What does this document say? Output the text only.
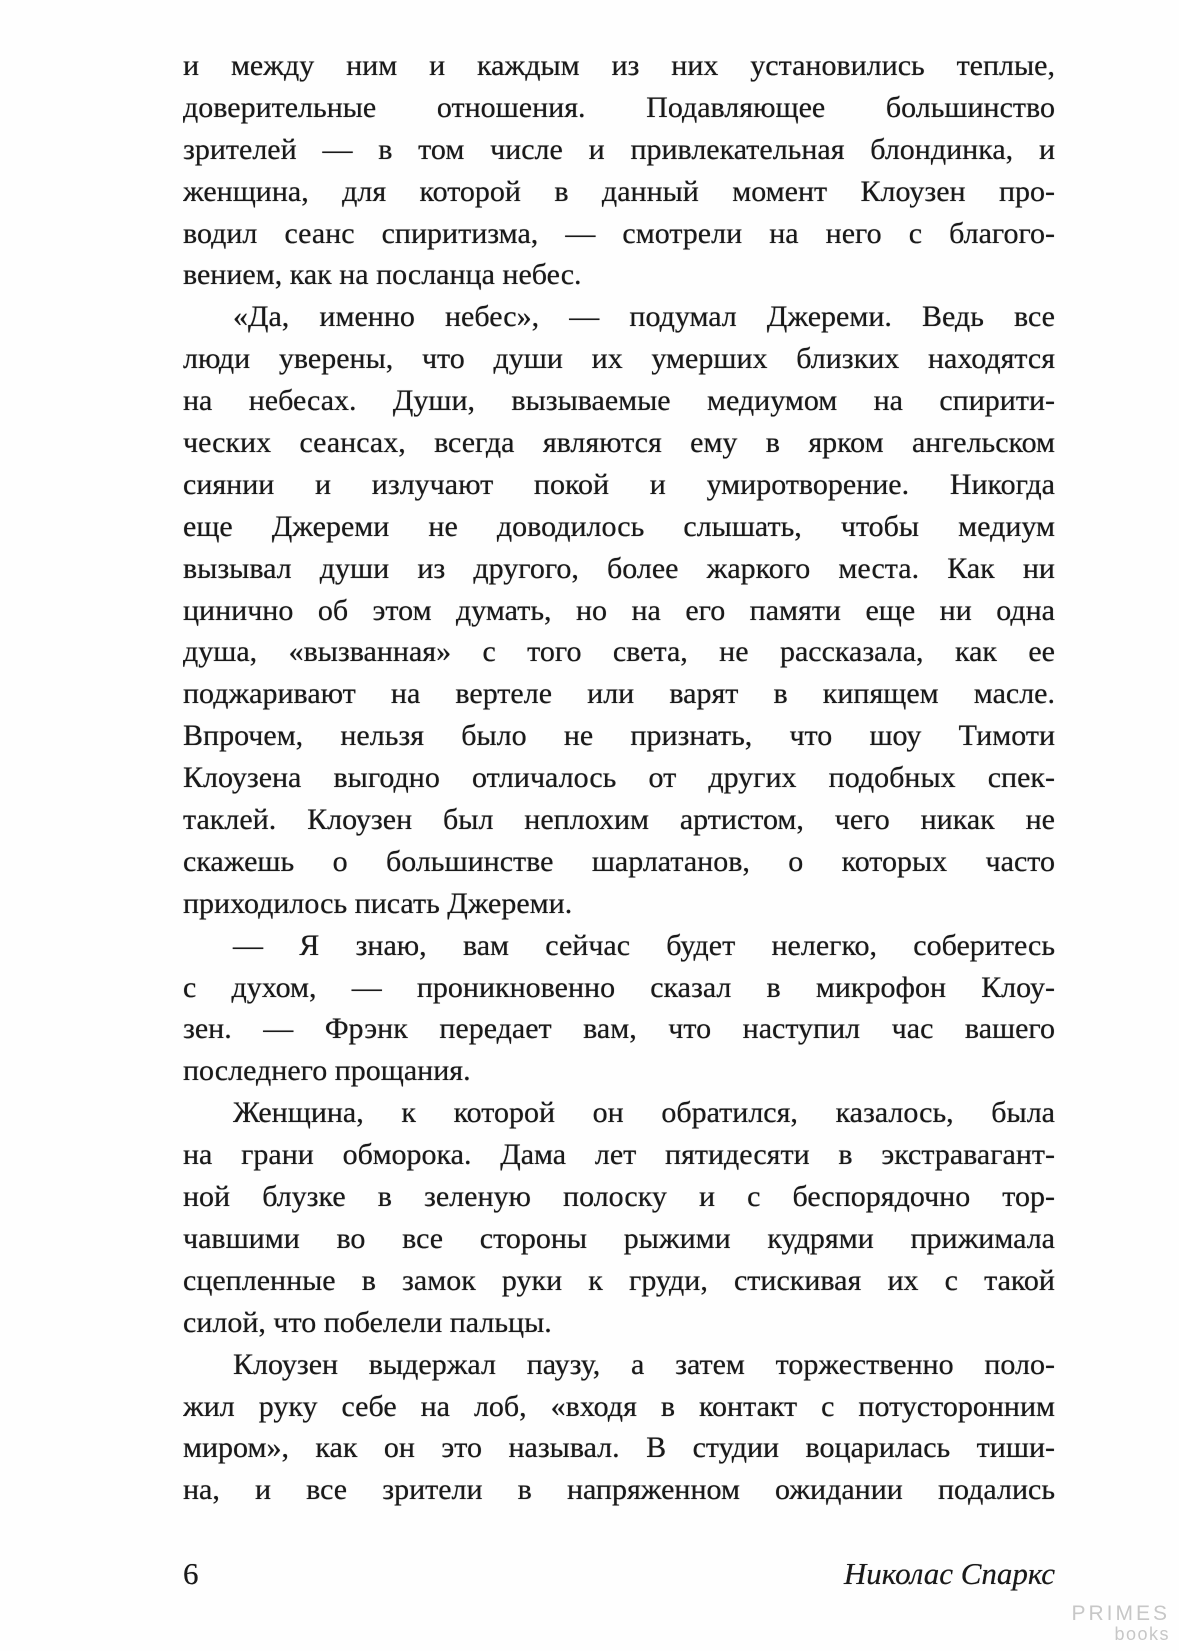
и между ним и каждым из них установились теплые,
доверительные отношения. Подавляющее большинство
зрителей — в том числе и привлекательная блондинка, и
женщина, для которой в данный момент Клоузен про-
водил сеанс спиритизма, — смотрели на него с благого-
вением, как на посланца небес.
«Да, именно небес», — подумал Джереми. Ведь все
люди уверены, что души их умерших близких находятся
на небесах. Души, вызываемые медиумом на спирити-
ческих сеансах, всегда являются ему в ярком ангельском
сиянии и излучают покой и умиротворение. Никогда
еще Джереми не доводилось слышать, чтобы медиум
вызывал души из другого, более жаркого места. Как ни
цинично об этом думать, но на его памяти еще ни одна
душа, «вызванная» с того света, не рассказала, как ее
поджаривают на вертеле или варят в кипящем масле.
Впрочем, нельзя было не признать, что шоу Тимоти
Клоузена выгодно отличалось от других подобных спек-
таклей. Клоузен был неплохим артистом, чего никак не
скажешь о большинстве шарлатанов, о которых часто
приходилось писать Джереми.
— Я знаю, вам сейчас будет нелегко, соберитесь
с духом, — проникновенно сказал в микрофон Клоу-
зен. — Фрэнк передает вам, что наступил час вашего
последнего прощания.
Женщина, к которой он обратился, казалось, была
на грани обморока. Дама лет пятидесяти в экстравагант-
ной блузке в зеленую полоску и с беспорядочно тор-
чавшими во все стороны рыжими кудрями прижимала
сцепленные в замок руки к груди, стискивая их с такой
силой, что побелели пальцы.
Клоузен выдержал паузу, а затем торжественно поло-
жил руку себе на лоб, «входя в контакт с потусторонним
миром», как он это называл. В студии воцарилась тиши-
на, и все зрители в напряженном ожидании подались
6	Николас Спаркс
PRIMES
books
